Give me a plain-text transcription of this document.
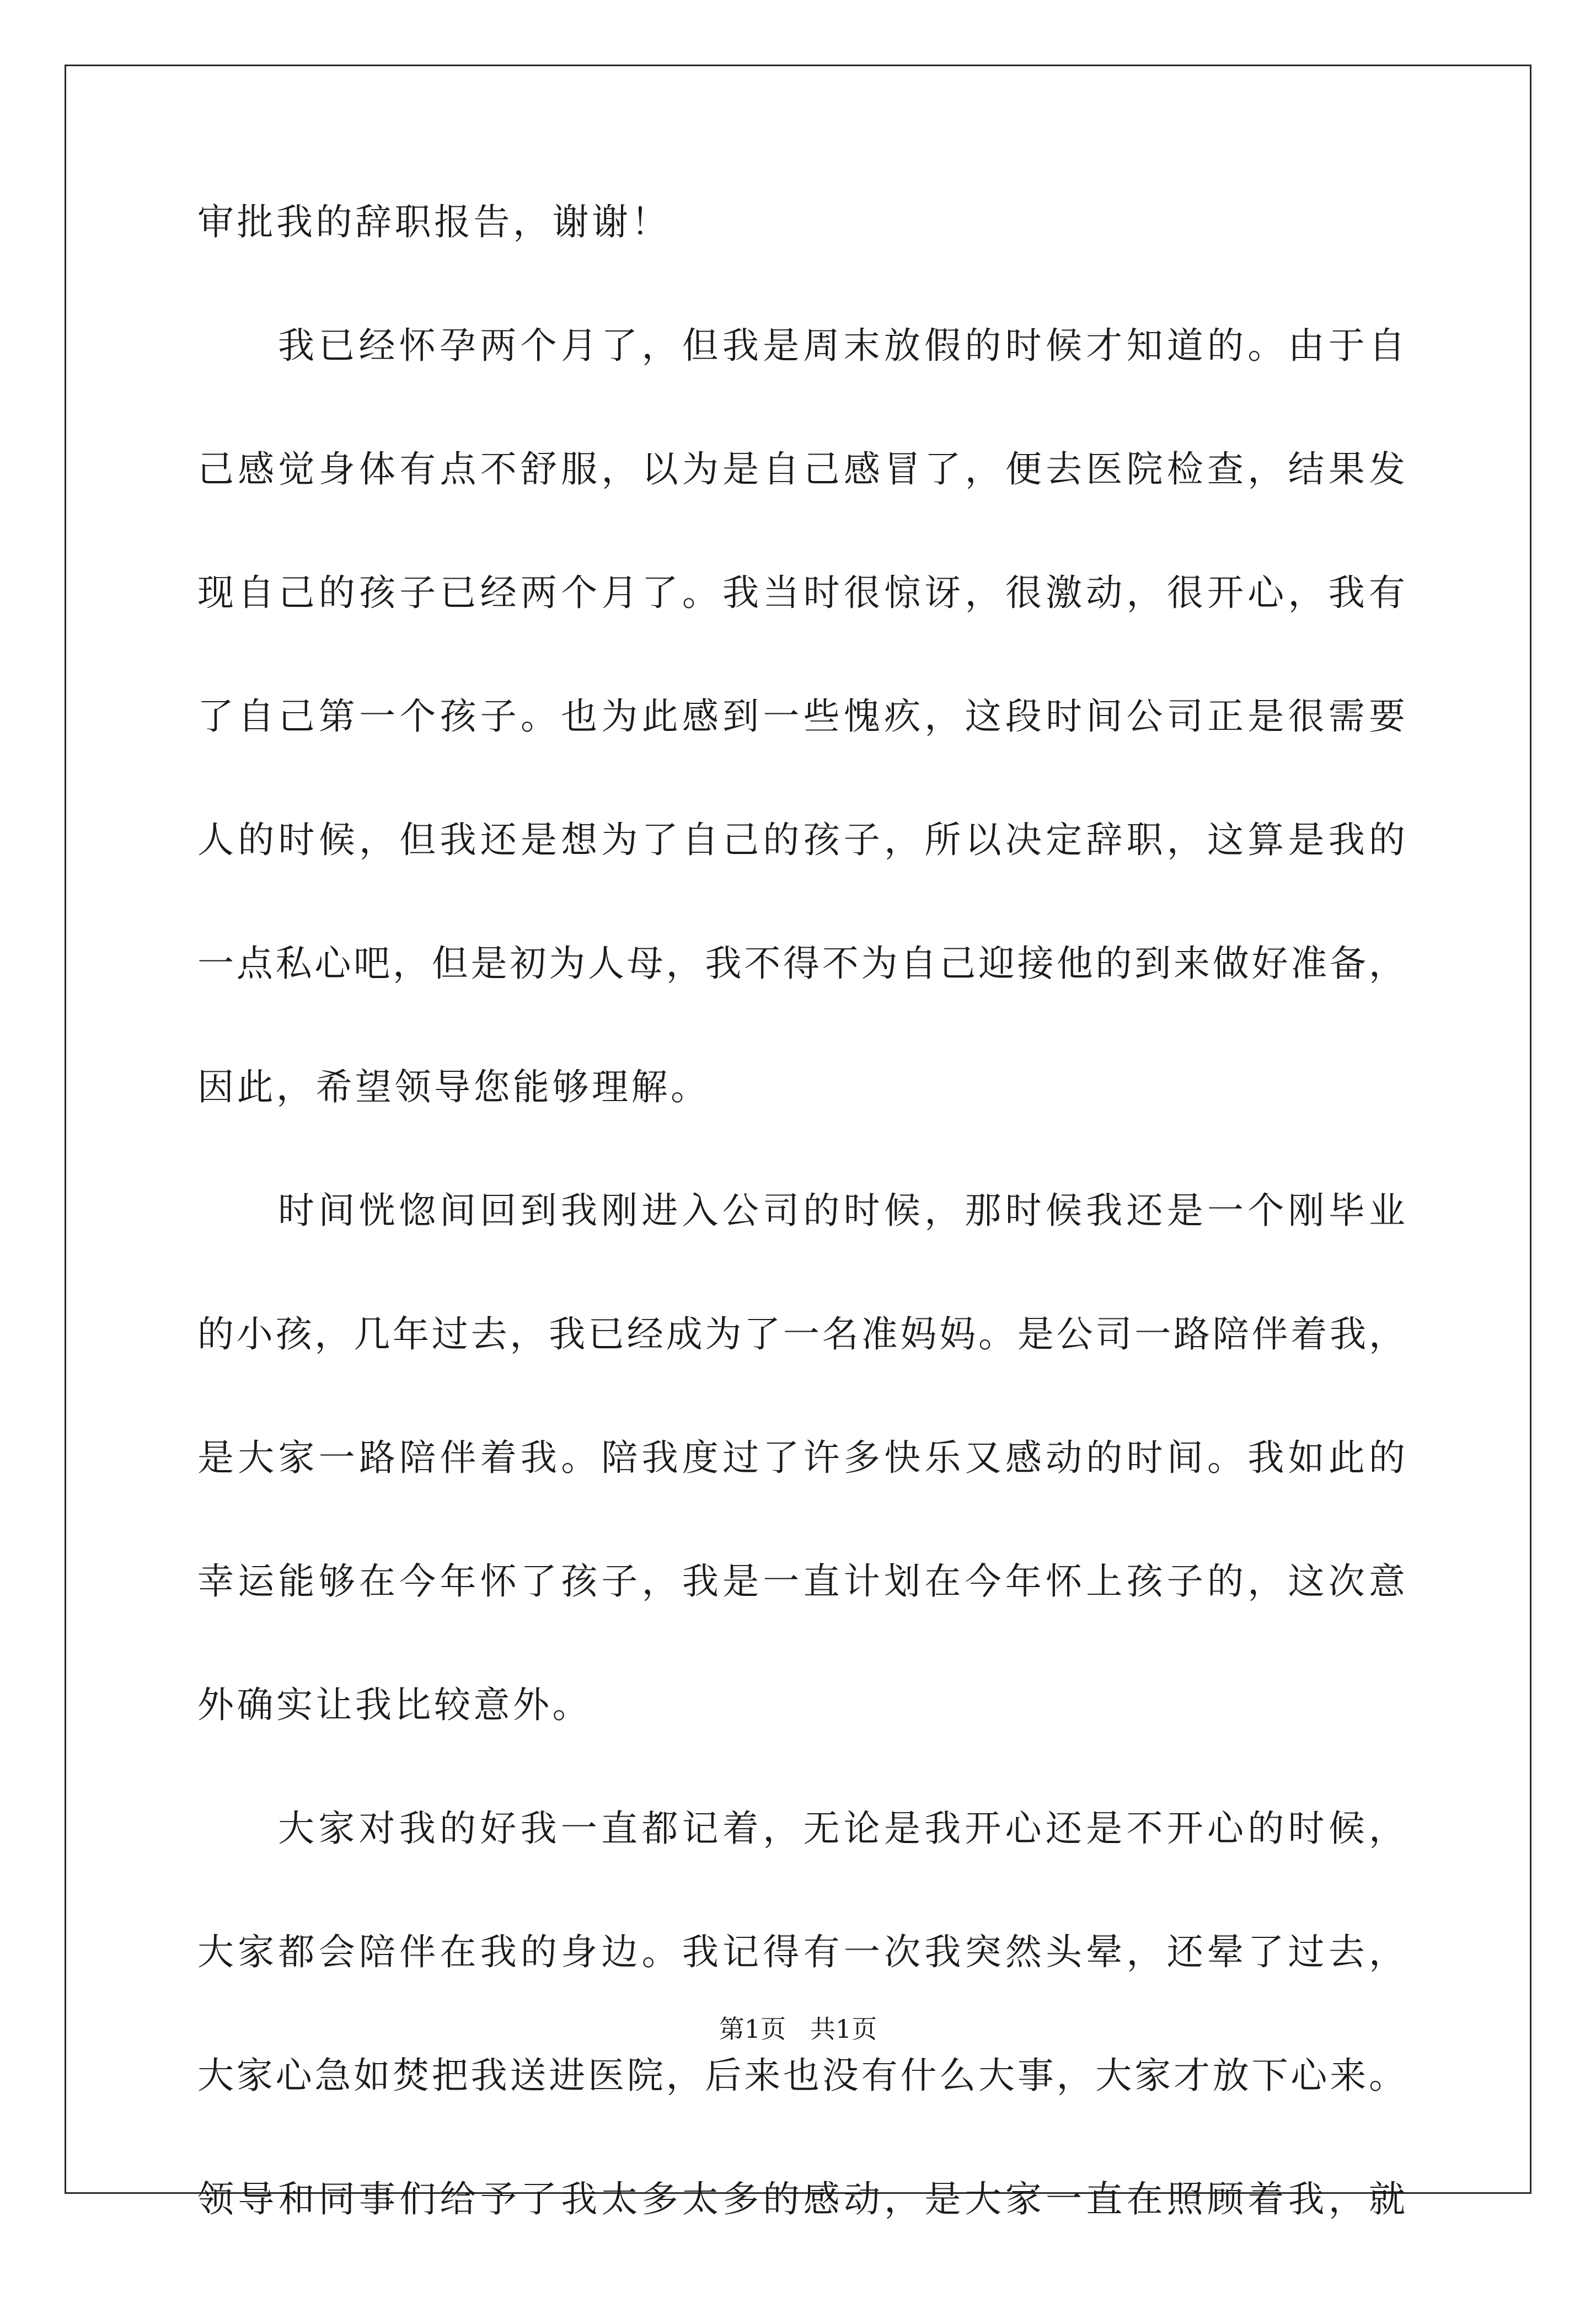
审批我的辞职报告，谢谢！
我已经怀孕两个月了，但我是周末放假的时候才知道的。由于自
己感觉身体有点不舒服，以为是自己感冒了，便去医院检查，结果发
现自己的孩子已经两个月了。我当时很惊讶，很激动，很开心，我有
了自己第一个孩子。也为此感到一些愧疚，这段时间公司正是很需要
人的时候，但我还是想为了自己的孩子，所以决定辞职，这算是我的
一点私心吧，但是初为人母，我不得不为自己迎接他的到来做好准备，
因此，希望领导您能够理解。
时间恍惚间回到我刚进入公司的时候，那时候我还是一个刚毕业
的小孩，几年过去，我已经成为了一名准妈妈。是公司一路陪伴着我，
是大家一路陪伴着我。陪我度过了许多快乐又感动的时间。我如此的
幸运能够在今年怀了孩子，我是一直计划在今年怀上孩子的，这次意
外确实让我比较意外。
大家对我的好我一直都记着，无论是我开心还是不开心的时候，
大家都会陪伴在我的身边。我记得有一次我突然头晕，还晕了过去，
大家心急如焚把我送进医院，后来也没有什么大事，大家才放下心来。
领导和同事们给予了我太多太多的感动，是大家一直在照顾着我，就
第1页   共1页
